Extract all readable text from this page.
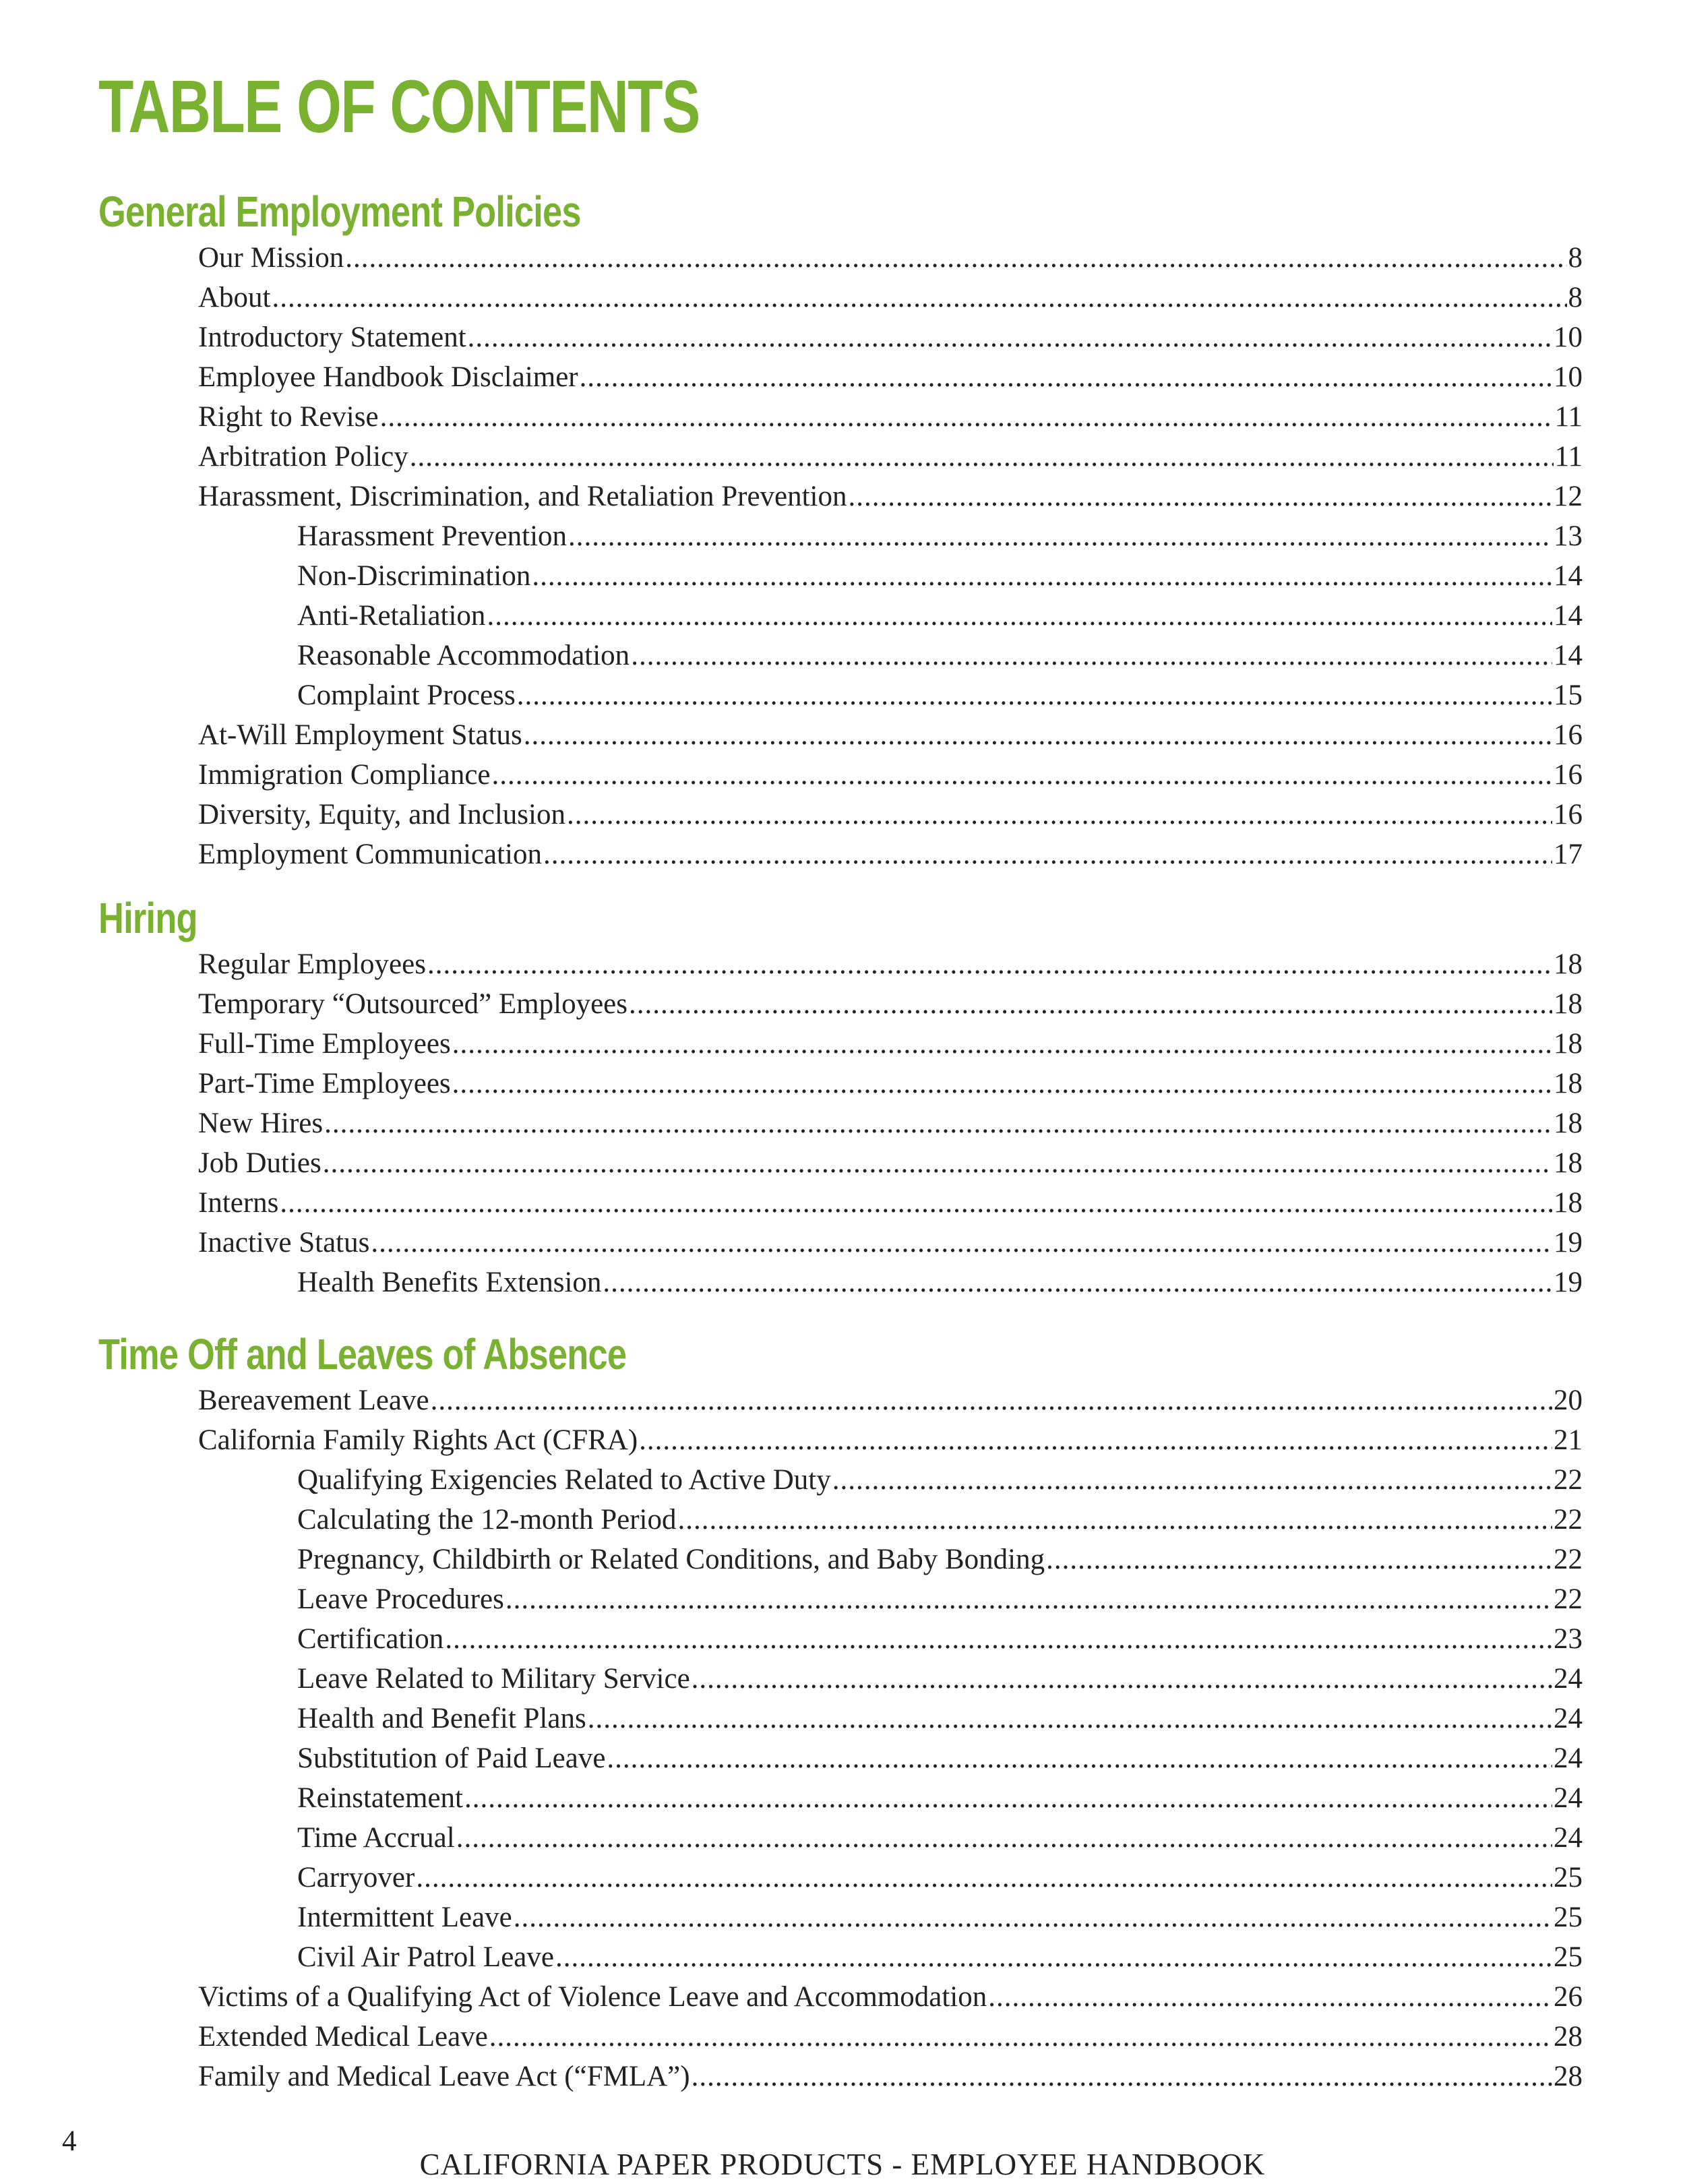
TABLE OF CONTENTS
General Employment Policies
Our Mission .....	8
About .....	8
Introductory Statement .....	10
Employee Handbook Disclaimer .....	10
Right to Revise .....	11
Arbitration Policy .....	11
Harassment, Discrimination, and Retaliation Prevention .....	12
Harassment Prevention .....	13
Non-Discrimination .....	14
Anti-Retaliation .....	14
Reasonable Accommodation .....	14
Complaint Process .....	15
At-Will Employment Status .....	16
Immigration Compliance .....	16
Diversity, Equity, and Inclusion .....	16
Employment Communication .....	17
Hiring
Regular Employees .....	18
Temporary “Outsourced” Employees .....	18
Full-Time Employees .....	18
Part-Time Employees .....	18
New Hires .....	18
Job Duties .....	18
Interns .....	18
Inactive Status .....	19
Health Benefits Extension .....	19
Time Off and Leaves of Absence
Bereavement Leave .....	20
California Family Rights Act (CFRA) .....	21
Qualifying Exigencies Related to Active Duty .....	22
Calculating the 12-month Period .....	22
Pregnancy, Childbirth or Related Conditions, and Baby Bonding .....	22
Leave Procedures .....	22
Certification .....	23
Leave Related to Military Service .....	24
Health and Benefit Plans .....	24
Substitution of Paid Leave .....	24
Reinstatement .....	24
Time Accrual .....	24
Carryover .....	25
Intermittent Leave .....	25
Civil Air Patrol Leave .....	25
Victims of a Qualifying Act of Violence Leave and Accommodation .....	26
Extended Medical Leave .....	28
Family and Medical Leave Act (“FMLA”) .....	28
4
CALIFORNIA PAPER PRODUCTS - EMPLOYEE HANDBOOK
